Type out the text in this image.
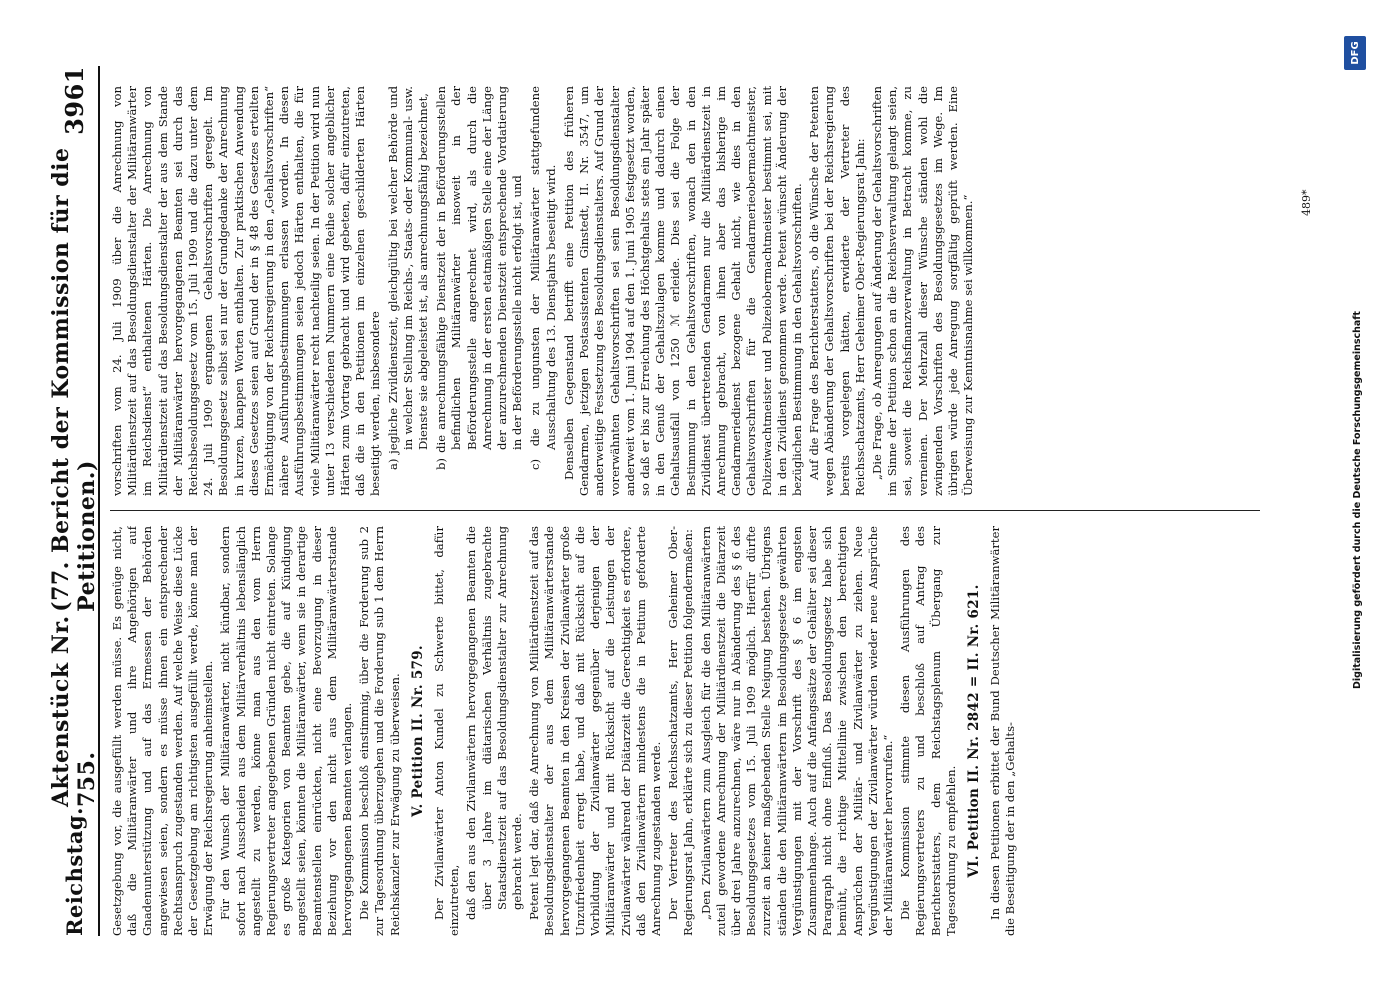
Reichstag.
Aktenstück Nr. 755.
(77. Bericht der Kommission für die Petitionen.)
3961
Gesetzgebung vor, die ausgefüllt werden müsse. Es genüge nicht, daß die Militäranwärter und ihre Angehörigen auf Gnadenunterstützung und auf das Ermessen der Behörden angewiesen seien, sondern es müsse ihnen ein entsprechender Rechtsanspruch zugestanden werden. Auf welche Weise diese Lücke der Gesetzgebung am richtigsten ausgefüllt werde, könne man der Erwägung der Reichsregierung anheimstellen. Für den Wunsch der Militäranwärter, nicht kündbar, sondern sofort nach Ausscheiden aus dem Militärverhältnis lebenslänglich angestellt zu werden, könne man aus den vom Herrn Regierungsvertreter angegebenen Gründen nicht eintreten. Solange es große Kategorien von Beamten gebe, die auf Kündigung angestellt seien, könnten die Militäranwärter, wenn sie in derartige Beamtenstellen einrückten, nicht eine Bevorzugung in dieser Beziehung vor den nicht aus dem Militäranwärterstande hervorgegangenen Beamten verlangen. Die Kommission beschloß einstimmig, über die Forderung sub 2 zur Tagesordnung überzugehen und die Forderung sub 1 dem Herrn Reichskanzler zur Erwägung zu überweisen. V. Petition II. Nr. 579. Der Zivilanwärter Anton Kundel zu Schwerte bittet, dafür einzutreten, daß den aus den Zivilanwärtern hervorgegangenen Beamten die über 3 Jahre im diätarischen Verhältnis zugebrachte Staatsdienstzeit auf das Besoldungsdienstalter zur Anrechnung gebracht werde. Petent legt dar, daß die Anrechnung von Militärdienstzeit auf das Besoldungsdienstalter der aus dem Militäranwärterstande hervorgegangenen Beamten in den Kreisen der Zivilanwärter große Unzufriedenheit erregt habe, und daß mit Rücksicht auf die Vorbildung der Zivilanwärter gegenüber derjenigen der Militäranwärter und mit Rücksicht auf die Leistungen der Zivilanwärter während der Diätarzeit die Gerechtigkeit es erfordere, daß den Zivilanwärtern mindestens die in Petitum geforderte Anrechnung zugestanden werde. Der Vertreter des Reichsschatzamts, Herr Geheimer Ober-Regierungsrat Jahn, erklärte sich zu dieser Petition folgendermaßen: „Den Zivilanwärtern zum Ausgleich für die den Militäranwärtern zuteil gewordene Anrechnung der Militärdienstzeit die Diätarzeit über drei Jahre anzurechnen, wäre nur in Abänderung des § 6 des Besoldungsgesetzes vom 15. Juli 1909 möglich. Hierfür dürfte zurzeit an keiner maßgebenden Stelle Neigung bestehen. Übrigens ständen die den Militäranwärtern im Besoldungsgesetze gewährten Vergünstigungen mit der Vorschrift des § 6 im engsten Zusammenhange. Auch auf die Anfangssätze der Gehälter sei dieser Paragraph nicht ohne Einfluß. Das Besoldungsgesetz habe sich bemüht, die richtige Mittellinie zwischen den berechtigten Ansprüchen der Militär- und Zivilanwärter zu ziehen. Neue Vergünstigungen der Zivilanwärter würden wieder neue Ansprüche der Militäranwärter hervorrufen.“ Die Kommission stimmte diesen Ausführungen des Regierungsvertreters zu und beschloß auf Antrag des Berichterstatters, dem Reichstagsplenum Übergang zur Tagesordnung zu empfehlen. VI. Petition II. Nr. 2842 = II. Nr. 621. In diesen Petitionen erbittet der Bund Deutscher Militäranwärter die Beseitigung der in den „Gehalts-
vorschriften vom 24. Juli 1909 über die Anrechnung von Militärdienstzeit auf das Besoldungsdienstalter der Militäranwärter im Reichsdienst“ enthaltenen Härten. Die Anrechnung von Militärdienstzeit auf das Besoldungsdienstalter der aus dem Stande der Militäranwärter hervorgegangenen Beamten sei durch das Reichsbesoldungsgesetz vom 15. Juli 1909 und die dazu unter dem 24. Juli 1909 ergangenen Gehaltsvorschriften geregelt. Im Besoldungsgesetz selbst sei nur der Grundgedanke der Anrechnung in kurzen, knappen Worten enthalten. Zur praktischen Anwendung dieses Gesetzes seien auf Grund der in § 48 des Gesetzes erteilten Ermächtigung von der Reichsregierung in den „Gehaltsvorschriften“ nähere Ausführungsbestimmungen erlassen worden. In diesen Ausführungsbestimmungen seien jedoch Härten enthalten, die für viele Militäranwärter recht nachteilig seien. In der Petition wird nun unter 13 verschiedenen Nummern eine Reihe solcher angeblicher Härten zum Vortrag gebracht und wird gebeten, dafür einzutreten, daß die in den Petitionen im einzelnen geschilderten Härten beseitigt werden, insbesondere a) jegliche Zivildienstzeit, gleichgültig bei welcher Behörde und in welcher Stellung im Reichs-, Staats- oder Kommunal- usw. Dienste sie abgeleistet ist, als anrechnungsfähig bezeichnet, b) die anrechnungsfähige Dienstzeit der in Beförderungsstellen befindlichen Militäranwärter insoweit in der Beförderungsstelle angerechnet wird, als durch die Anrechnung in der ersten etatmäßigen Stelle eine der Länge der anzurechnenden Dienstzeit entsprechende Vordatierung in der Beförderungsstelle nicht erfolgt ist, und c) die zu ungunsten der Militäranwärter stattgefundene Ausschaltung des 13. Dienstjahrs beseitigt wird. Denselben Gegenstand betrifft eine Petition des früheren Gendarmen, jetzigen Postassistenten Ginstedt, II. Nr. 3547, um anderweitige Festsetzung des Besoldungsdienstalters. Auf Grund der vorerwähnten Gehaltsvorschriften sei sein Besoldungsdienstalter anderweit vom 1. Juni 1904 auf den 1. Juni 1905 festgesetzt worden, so daß er bis zur Erreichung des Höchstgehalts stets ein Jahr später in den Genuß der Gehaltszulagen komme und dadurch einen Gehaltsausfall von 1250 ℳ erleide. Dies sei die Folge der Bestimmung in den Gehaltsvorschriften, wonach den in den Zivildienst übertretenden Gendarmen nur die Militärdienstzeit in Anrechnung gebracht, von ihnen aber das bisherige im Gendarmeriedienst bezogene Gehalt nicht, wie dies in den Gehaltsvorschriften für die Gendarmerieobermachtmeister, Polizeiwachtmeister und Polizeiobermachtmeister bestimmt sei, mit in den Zivildienst genommen werde. Petent wünscht Änderung der bezüglichen Bestimmung in den Gehaltsvorschriften. Auf die Frage des Berichterstatters, ob die Wünsche der Petenten wegen Abänderung der Gehaltsvorschriften bei der Reichsregierung bereits vorgelegen hätten, erwiderte der Vertreter des Reichsschatzamts, Herr Geheimer Ober-Regierungsrat Jahn: „Die Frage, ob Anregungen auf Änderung der Gehaltsvorschriften im Sinne der Petition schon an die Reichsverwaltung gelangt seien, sei, soweit die Reichsfinanzverwaltung in Betracht komme, zu verneinen. Der Mehrzahl dieser Wünsche ständen wohl die zwingenden Vorschriften des Besoldungsgesetzes im Wege. Im übrigen würde jede Anregung sorgfältig geprüft werden. Eine Überweisung zur Kenntnisnahme sei willkommen.“	489*
Digitalisierung gefördert durch die Deutsche Forschungsgemeinschaft
DFG
